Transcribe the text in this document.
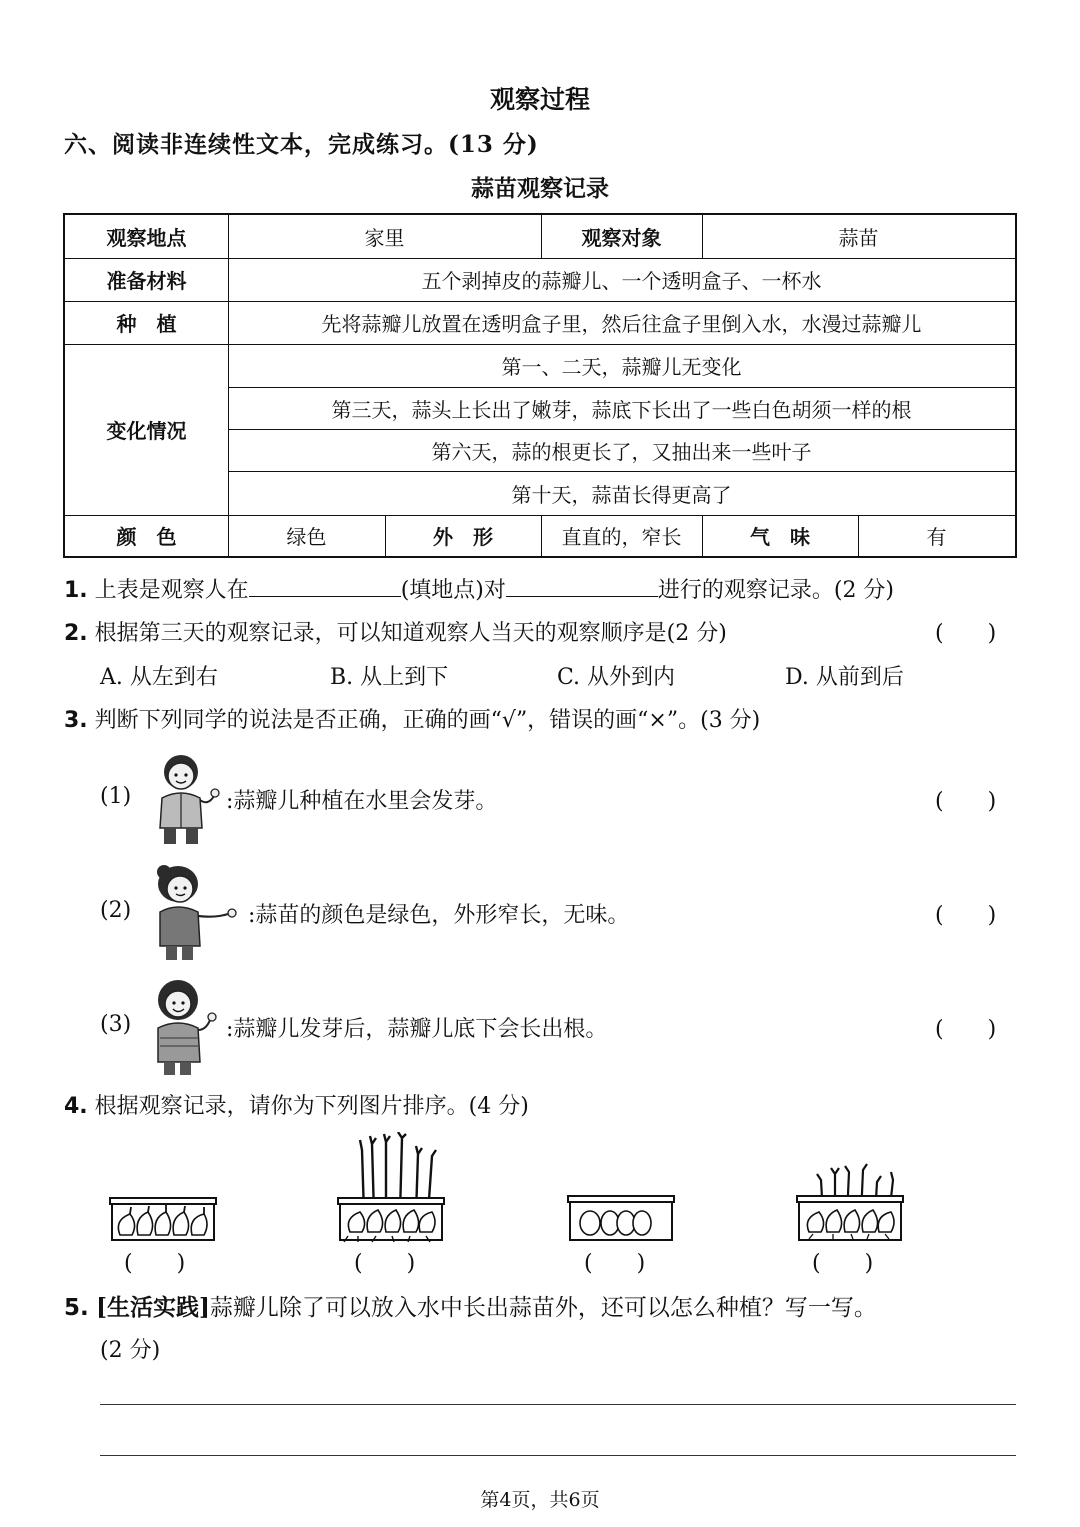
观察过程
六、阅读非连续性文本，完成练习。(13 分)
蒜苗观察记录
观察地点	家里	观察对象	蒜苗
准备材料	五个剥掉皮的蒜瓣儿、一个透明盒子、一杯水
种　植	先将蒜瓣儿放置在透明盒子里，然后往盒子里倒入水，水漫过蒜瓣儿
变化情况
第一、二天，蒜瓣儿无变化
第三天，蒜头上长出了嫩芽，蒜底下长出了一些白色胡须一样的根
第六天，蒜的根更长了，又抽出来一些叶子
第十天，蒜苗长得更高了
颜　色	绿色	外　形	直直的，窄长	气　味	有
1. 上表是观察人在	(填地点)对	进行的观察记录。(2 分)
2. 根据第三天的观察记录，可以知道观察人当天的观察顺序是(2 分)	(　　)
A. 从左到右	B. 从上到下	C. 从外到内	D. 从前到后
3. 判断下列同学的说法是否正确，正确的画“√”，错误的画“×”。(3 分)
(1)	:蒜瓣儿种植在水里会发芽。	(　　)
(2)	:蒜苗的颜色是绿色，外形窄长，无味。	(　　)
(3)	:蒜瓣儿发芽后，蒜瓣儿底下会长出根。	(　　)
4. 根据观察记录，请你为下列图片排序。(4 分)
(　　)	(　　)	(　　)	(　　)
5. [生活实践]蒜瓣儿除了可以放入水中长出蒜苗外，还可以怎么种植？写一写。
(2 分)
第4页，共6页
